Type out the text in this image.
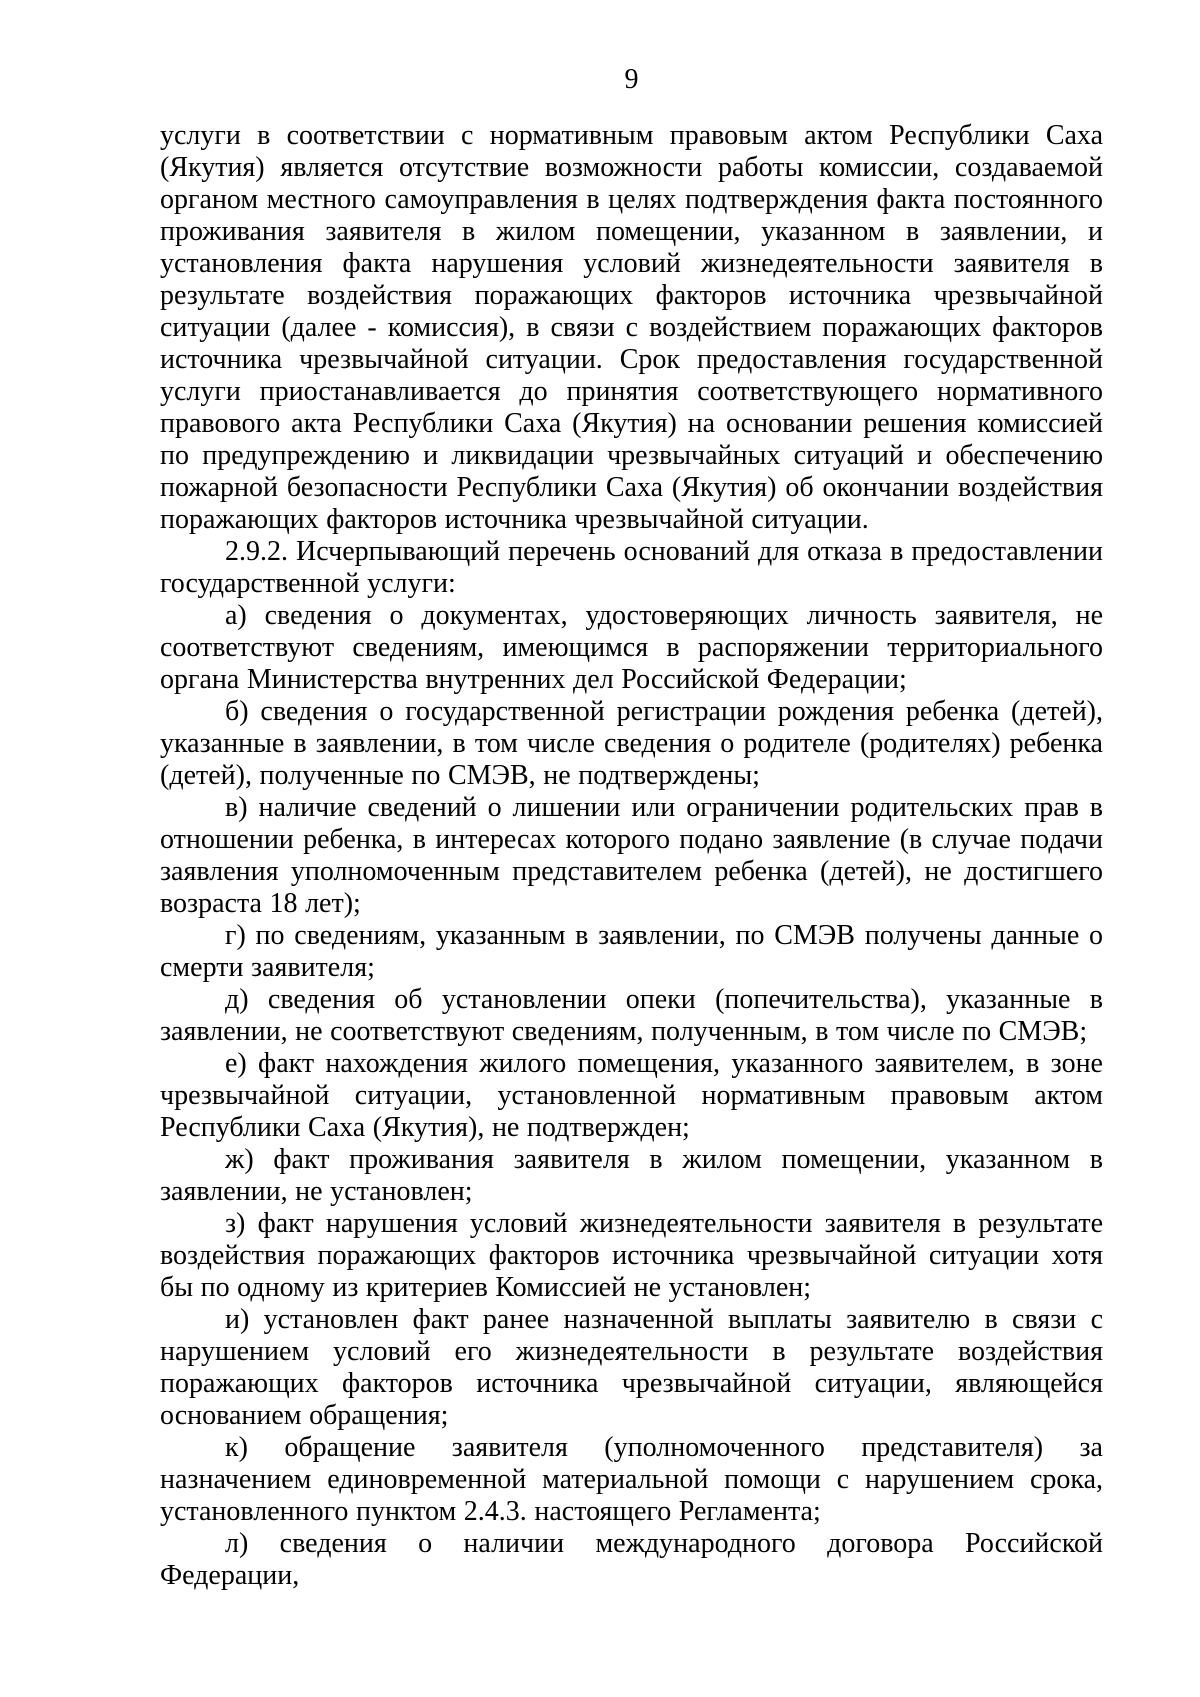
9

услуги в соответствии с нормативным правовым актом Республики Саха (Якутия) является отсутствие возможности работы комиссии, создаваемой органом местного самоуправления в целях подтверждения факта постоянного проживания заявителя в жилом помещении, указанном в заявлении, и установления факта нарушения условий жизнедеятельности заявителя в результате воздействия поражающих факторов источника чрезвычайной ситуации (далее - комиссия), в связи с воздействием поражающих факторов источника чрезвычайной ситуации. Срок предоставления государственной услуги приостанавливается до принятия соответствующего нормативного правового акта Республики Саха (Якутия) на основании решения комиссией по предупреждению и ликвидации чрезвычайных ситуаций и обеспечению пожарной безопасности Республики Саха (Якутия) об окончании воздействия поражающих факторов источника чрезвычайной ситуации.

2.9.2. Исчерпывающий перечень оснований для отказа в предоставлении государственной услуги:

а) сведения о документах, удостоверяющих личность заявителя, не соответствуют сведениям, имеющимся в распоряжении территориального органа Министерства внутренних дел Российской Федерации;

б) сведения о государственной регистрации рождения ребенка (детей), указанные в заявлении, в том числе сведения о родителе (родителях) ребенка (детей), полученные по СМЭВ, не подтверждены;

в) наличие сведений о лишении или ограничении родительских прав в отношении ребенка, в интересах которого подано заявление (в случае подачи заявления уполномоченным представителем ребенка (детей), не достигшего возраста 18 лет);

г) по сведениям, указанным в заявлении, по СМЭВ получены данные о смерти заявителя;

д) сведения об установлении опеки (попечительства), указанные в заявлении, не соответствуют сведениям, полученным, в том числе по СМЭВ;

е) факт нахождения жилого помещения, указанного заявителем, в зоне чрезвычайной ситуации, установленной нормативным правовым актом Республики Саха (Якутия), не подтвержден;

ж) факт проживания заявителя в жилом помещении, указанном в заявлении, не установлен;

з) факт нарушения условий жизнедеятельности заявителя в результате воздействия поражающих факторов источника чрезвычайной ситуации хотя бы по одному из критериев Комиссией не установлен;

и) установлен факт ранее назначенной выплаты заявителю в связи с нарушением условий его жизнедеятельности в результате воздействия поражающих факторов источника чрезвычайной ситуации, являющейся основанием обращения;

к) обращение заявителя (уполномоченного представителя) за назначением единовременной материальной помощи с нарушением срока, установленного пунктом 2.4.3. настоящего Регламента;

л) сведения о наличии международного договора Российской Федерации,
